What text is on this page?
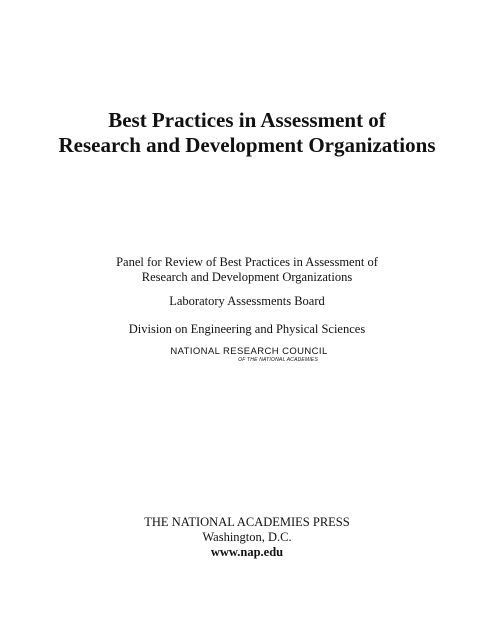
Best Practices in Assessment of
Research and Development Organizations
Panel for Review of Best Practices in Assessment of
Research and Development Organizations
Laboratory Assessments Board
Division on Engineering and Physical Sciences
NATIONAL RESEARCH COUNCIL
OF THE NATIONAL ACADEMIES
THE NATIONAL ACADEMIES PRESS
Washington, D.C.
www.nap.edu
